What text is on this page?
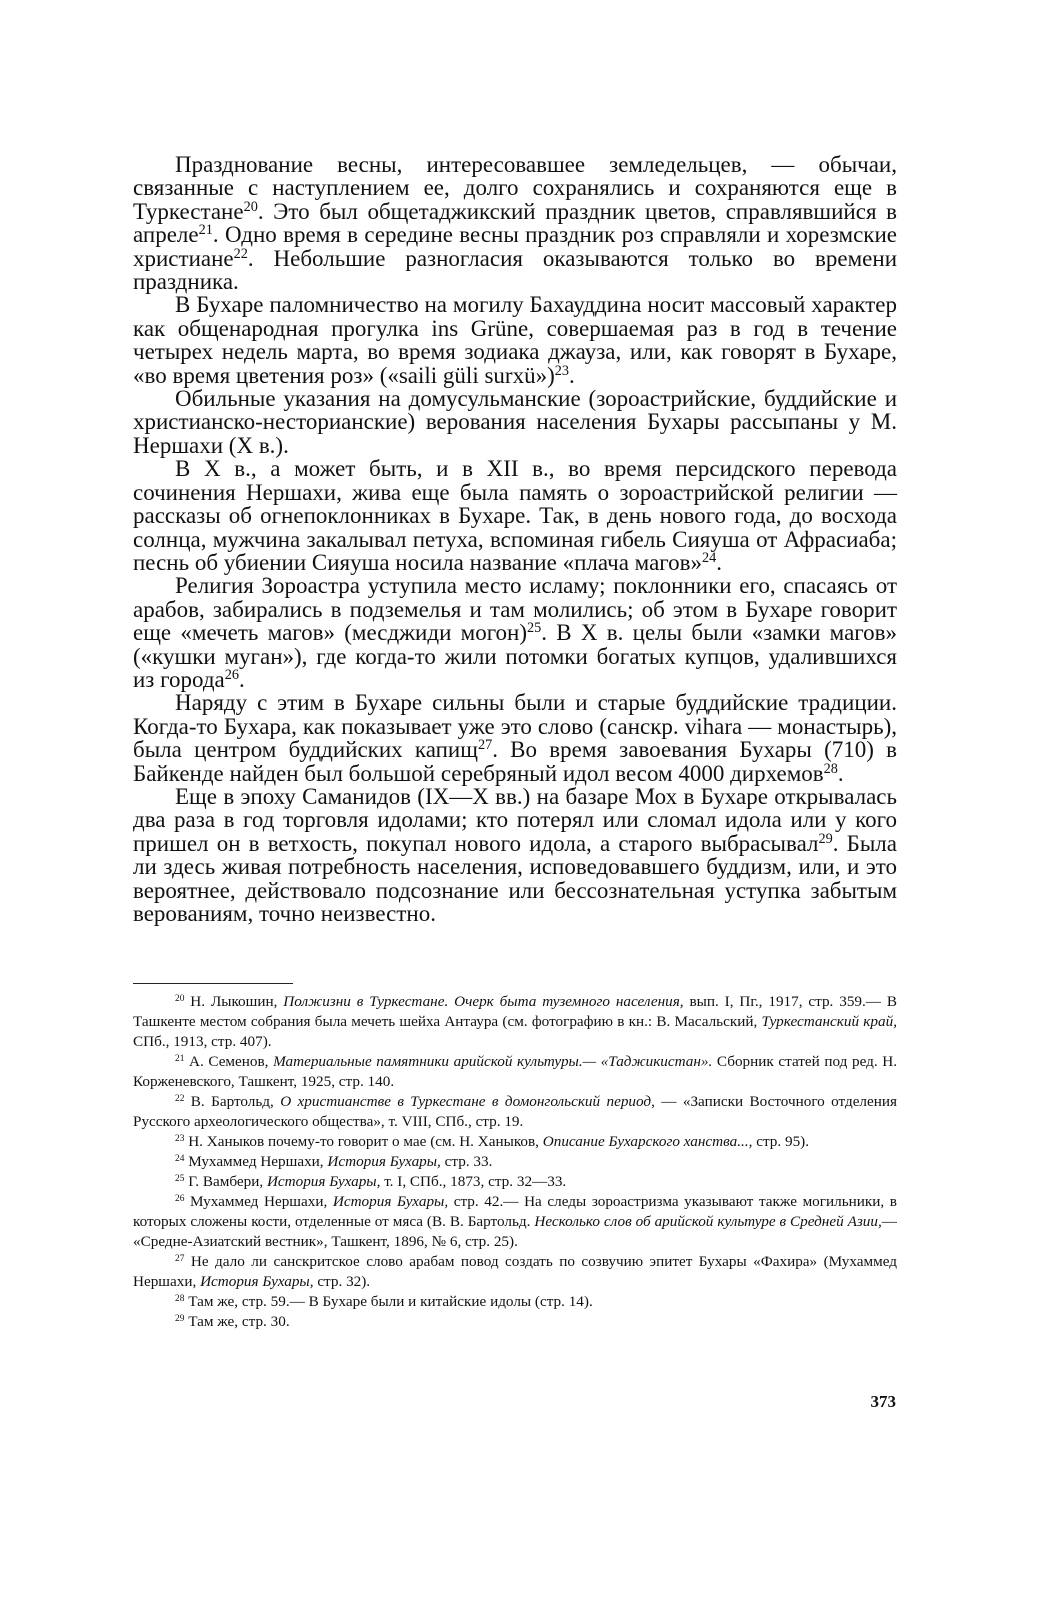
Празднование весны, интересовавшее земледельцев, — обычаи, связанные с наступлением ее, долго сохранялись и сохраняются еще в Туркестане$^{20}$. Это был общетаджикский праздник цветов, справлявшийся в апреле$^{21}$. Одно время в середине весны праздник роз справляли и хорезмские христиане$^{22}$. Небольшие разногласия оказываются только во времени праздника.

В Бухаре паломничество на могилу Бахауддина носит массовый характер как общенародная прогулка ins Grüne, совершаемая раз в год в течение четырех недель марта, во время зодиака джауза, или, как говорят в Бухаре, «во время цветения роз» («saili güli surxü»)$^{23}$.

Обильные указания на домусульманские (зороастрийские, буддийские и христианско-несторианские) верования населения Бухары рассыпаны у М. Нершахи (X в.).

В X в., а может быть, и в XII в., во время персидского перевода сочинения Нершахи, жива еще была память о зороастрийской религии — рассказы об огнепоклонниках в Бухаре. Так, в день нового года, до восхода солнца, мужчина закалывал петуха, вспоминая гибель Сияуша от Афрасиаба; песнь об убиении Сияуша носила название «плача магов»$^{24}$.

Религия Зороастра уступила место исламу; поклонники его, спасаясь от арабов, забирались в подземелья и там молились; об этом в Бухаре говорит еще «мечеть магов» (месджиди могон)$^{25}$. В X в. целы были «замки магов» («кушки муган»), где когда-то жили потомки богатых купцов, удалившихся из города$^{26}$.

Наряду с этим в Бухаре сильны были и старые буддийские традиции. Когда-то Бухара, как показывает уже это слово (санскр. vihara — монастырь), была центром буддийских капищ$^{27}$. Во время завоевания Бухары (710) в Байкенде найден был большой серебряный идол весом 4000 дирхемов$^{28}$.

Еще в эпоху Саманидов (IX—X вв.) на базаре Мох в Бухаре открывалась два раза в год торговля идолами; кто потерял или сломал идола или у кого пришел он в ветхость, покупал нового идола, а старого выбрасывал$^{29}$. Была ли здесь живая потребность населения, исповедовавшего буддизм, или, и это вероятнее, действовало подсознание или бессознательная уступка забытым верованиям, точно неизвестно.

$^{20}$ Н. Лыкошин, Полжизни в Туркестане. Очерк быта туземного населения, вып. I, Пг., 1917, стр. 359.— В Ташкенте местом собрания была мечеть шейха Антаура (см. фотографию в кн.: В. Масальский, Туркестанский край, СПб., 1913, стр. 407).

$^{21}$ А. Семенов, Материальные памятники арийской культуры.— «Таджикистан». Сборник статей под ред. Н. Корженевского, Ташкент, 1925, стр. 140.

$^{22}$ В. Бартольд, О христианстве в Туркестане в домонгольский период, — «Записки Восточного отделения Русского археологического общества», т. VIII, СПб., стр. 19.

$^{23}$ Н. Ханыков почему-то говорит о мае (см. Н. Ханыков, Описание Бухарского ханства..., стр. 95).

$^{24}$ Мухаммед Нершахи, История Бухары, стр. 33.

$^{25}$ Г. Вамбери, История Бухары, т. I, СПб., 1873, стр. 32—33.

$^{26}$ Мухаммед Нершахи, История Бухары, стр. 42.— На следы зороастризма указывают также могильники, в которых сложены кости, отделенные от мяса (В. В. Бартольд. Несколько слов об арийской культуре в Средней Азии,— «Средне-Азиатский вестник», Ташкент, 1896, № 6, стр. 25).

$^{27}$ Не дало ли санскритское слово арабам повод создать по созвучию эпитет Бухары «Фахира» (Мухаммед Нершахи, История Бухары, стр. 32).

$^{28}$ Там же, стр. 59.— В Бухаре были и китайские идолы (стр. 14).

$^{29}$ Там же, стр. 30.

373
